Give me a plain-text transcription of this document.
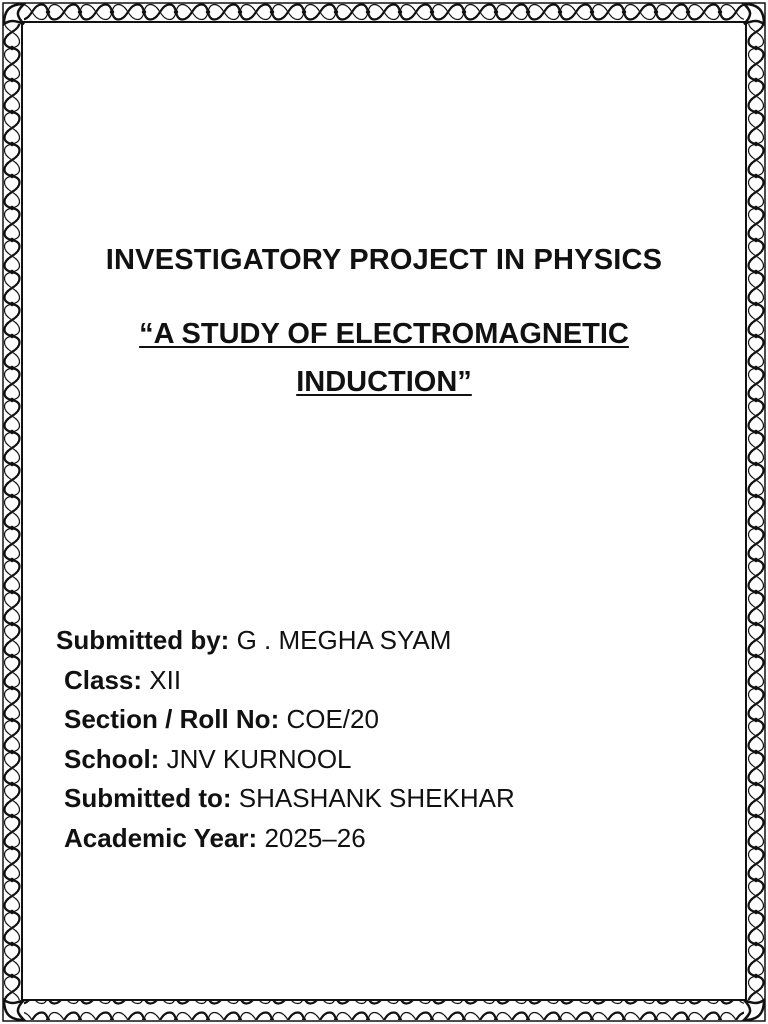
INVESTIGATORY PROJECT IN PHYSICS
“A STUDY OF ELECTROMAGNETIC INDUCTION”
Submitted by: G . MEGHA SYAM
Class: XII
Section / Roll No: COE/20
School: JNV KURNOOL
Submitted to: SHASHANK SHEKHAR
Academic Year: 2025–26
